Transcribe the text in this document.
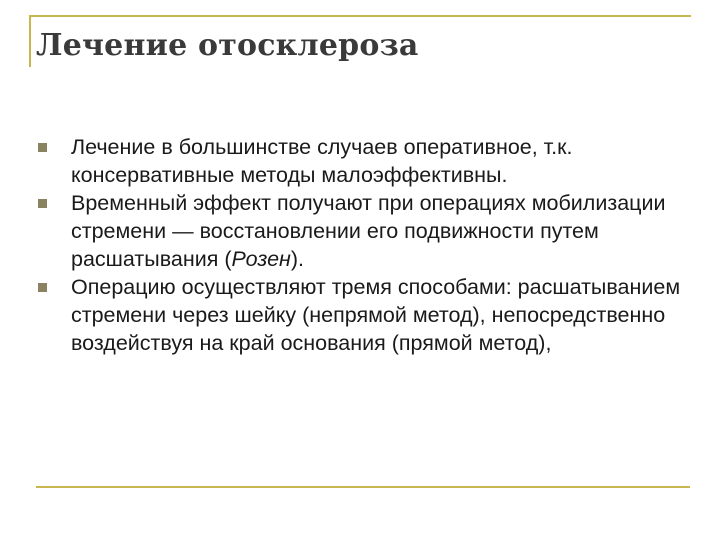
Лечение отосклероза
Лечение в большинстве случаев оперативное, т.к. консервативные методы малоэффективны.
Временный эффект получают при операциях мобилизации стремени — восстановлении его подвижности путем расшатывания (Розен).
Операцию осуществляют тремя способами: расшатыванием стремени через шейку (непрямой метод), непосредственно воздействуя на край основания (прямой метод),
